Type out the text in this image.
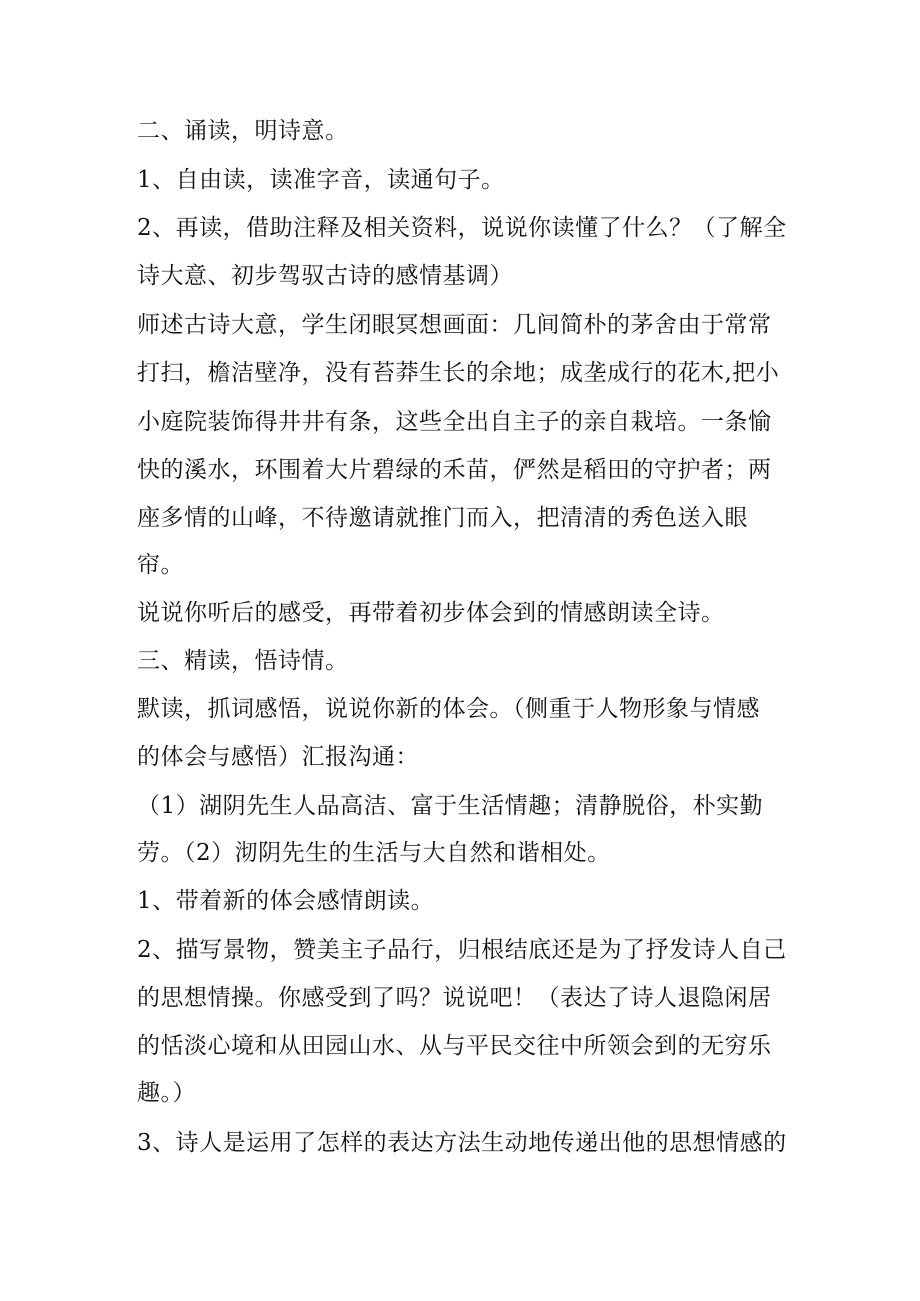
二、诵读，明诗意。
1、自由读，读准字音，读通句子。
2、再读，借助注释及相关资料，说说你读懂了什么？（了解全
诗大意、初步驾驭古诗的感情基调）
师述古诗大意，学生闭眼冥想画面：几间简朴的茅舍由于常常
打扫，檐洁壁净，没有苔莽生长的余地；成垄成行的花木,把小
小庭院装饰得井井有条，这些全出自主子的亲自栽培。一条愉
快的溪水，环围着大片碧绿的禾苗，俨然是稻田的守护者；两
座多情的山峰，不待邀请就推门而入，把清清的秀色送入眼
帘。
说说你听后的感受，再带着初步体会到的情感朗读全诗。
三、精读，悟诗情。
默读，抓词感悟，说说你新的体会。（侧重于人物形象与情感
的体会与感悟）汇报沟通：
（1）湖阴先生人品高洁、富于生活情趣；清静脱俗，朴实勤
劳。（2）沏阴先生的生活与大自然和谐相处。
1、带着新的体会感情朗读。
2、描写景物，赞美主子品行，归根结底还是为了抒发诗人自己
的思想情操。你感受到了吗？说说吧！（表达了诗人退隐闲居
的恬淡心境和从田园山水、从与平民交往中所领会到的无穷乐
趣。）
3、诗人是运用了怎样的表达方法生动地传递出他的思想情感的
